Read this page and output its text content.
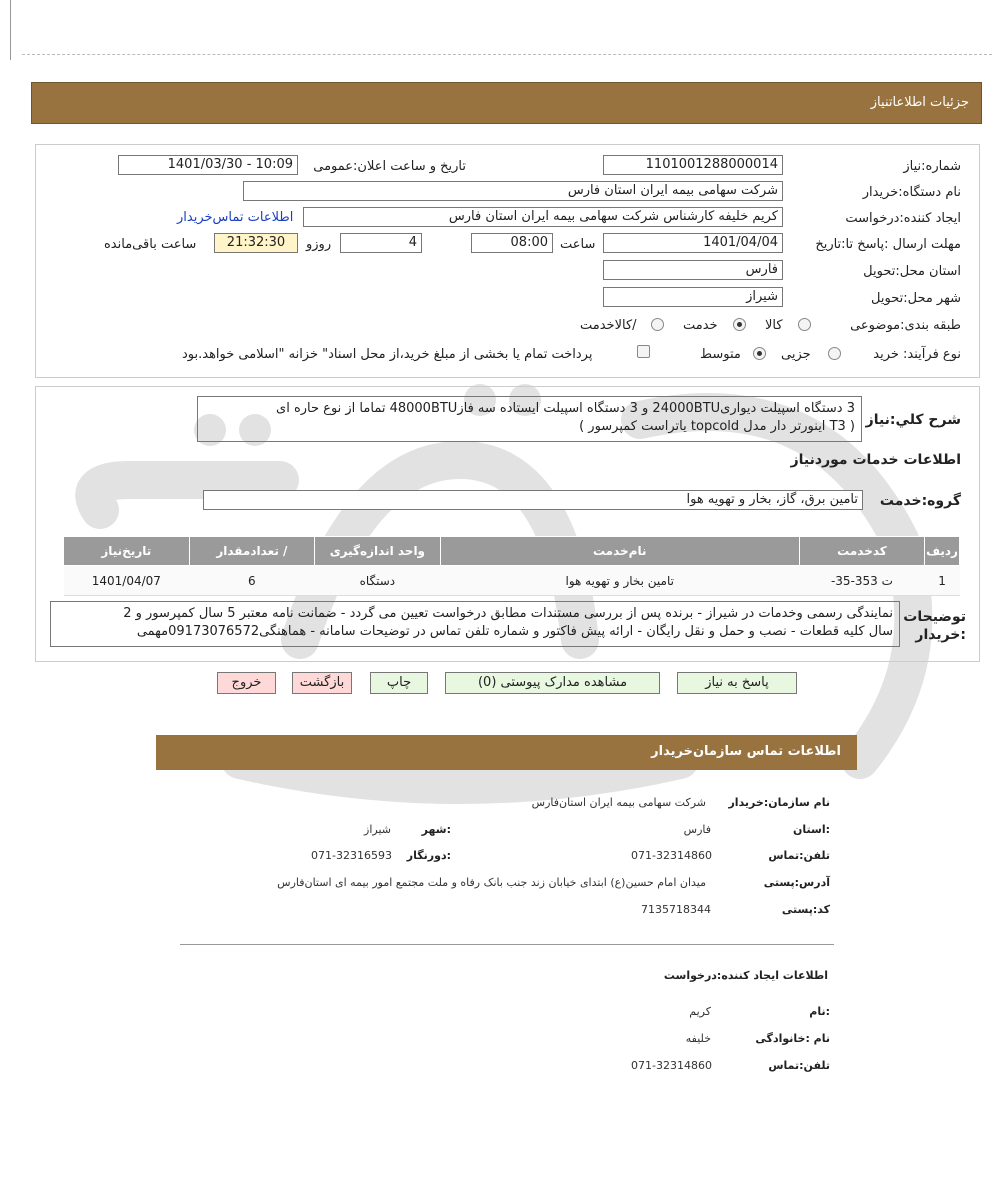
جزئیات اطلاعاتنیاز
شماره:نیاز
1101001288000014
تاریخ و ساعت اعلان:عمومی
1401/03/30 - 10:09
نام دستگاه:خریدار
شرکت سهامی بیمه ایران استان فارس
ایجاد کننده:درخواست
کریم خلیفه کارشناس شرکت سهامی بیمه ایران استان فارس
اطلاعات تماس‌خریدار
مهلت ارسال :پاسخ تا:تاریخ
1401/04/04
ساعت
08:00
4
روزو
21:32:30
ساعت باقی‌مانده
استان محل:تحویل
فارس
شهر محل:تحویل
شیراز
طبقه بندی:موضوعی
کالا
خدمت
/کالاخدمت
نوع فرآیند: خرید
جزیی
متوسط
پرداخت تمام یا بخشی از مبلغ خرید،از محل اسناد" خزانه "اسلامی خواهد.بود
شرح کلي:نياز
3 دستگاه اسپیلت دیواری24000BTU و 3 دستگاه اسپیلت ایستاده سه فاز48000BTU تماما از نوع حاره ای
( T3 اینورتر دار مدل topcold یاتراست کمپرسور )
اطلاعات خدمات موردنیاز
گروه:خدمت
تامین برق، گاز، بخار و تهویه هوا
ردیف	کدخدمت	نام‌خدمت	واحد اندازه‌گیری	/ تعدادمقدار	تاریخ‌نیاز
1	ت 353-35-	تامین بخار و تهویه هوا	دستگاه	6	1401/04/07
توضیحات
:خریدار
نمایندگی رسمی وخدمات در شیراز - برنده پس از بررسی مستندات مطابق درخواست تعیین می گردد - ضمانت نامه معتبر 5 سال کمپرسور و 2
سال کلیه قطعات - نصب و حمل و نقل رایگان - ارائه پیش فاکتور و شماره تلفن تماس در توضیحات سامانه - هماهنگی09173076572مهمی
پاسخ به نیاز
مشاهده مدارک پیوستی (0)
چاپ
بازگشت
خروج
اطلاعات تماس سازمان‌خریدار
نام سازمان:خریدار
شرکت سهامی بیمه ایران استان‌فارس
:استان
فارس
:شهر
شیراز
تلفن:تماس
071-32314860
:دورنگار
071-32316593
آدرس:پستی
میدان امام حسین(ع) ابتدای خیابان زند جنب بانک رفاه و ملت مجتمع امور بیمه ای استان‌فارس
کد:پستی
7135718344
اطلاعات ایجاد کننده:درخواست
:نام
کریم
نام :خانوادگی
خلیفه
تلفن:تماس
071-32314860
